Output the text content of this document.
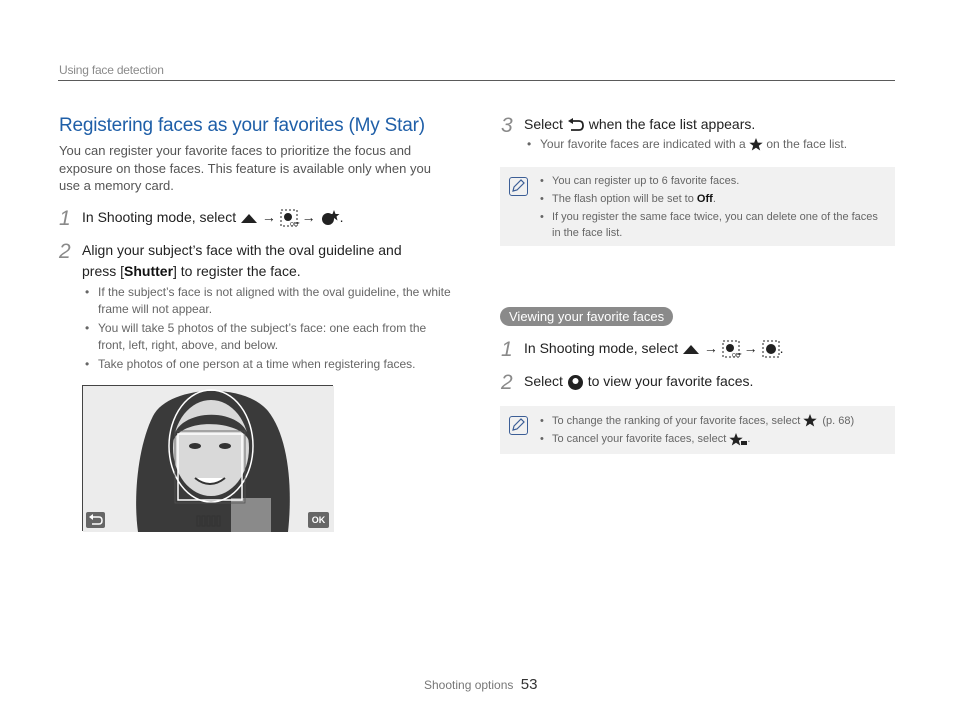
Using face detection
Registering faces as your favorites (My Star)
You can register your favorite faces to prioritize the focus and exposure on those faces. This feature is available only when you use a memory card.
1 In Shooting mode, select →
OFF
→ .
2 Align your subject’s face with the oval guideline and
press [Shutter] to register the face.
• If the subject’s face is not aligned with the oval guideline, the white frame will not appear.
• You will take 5 photos of the subject’s face: one each from the front, left, right, above, and below.
• Take photos of one person at a time when registering faces.
OK
3 Select when the face list appears.
• Your favorite faces are indicated with a on the face list.
• You can register up to 6 favorite faces.
• The flash option will be set to Off.
• If you register the same face twice, you can delete one of the faces in the face list.
Viewing your favorite faces
1 In Shooting mode, select →
OFF
→ .
2 Select to view your favorite faces.
• To change the ranking of your favorite faces, select (p. 68)
• To cancel your favorite faces, select .
Shooting options 53
